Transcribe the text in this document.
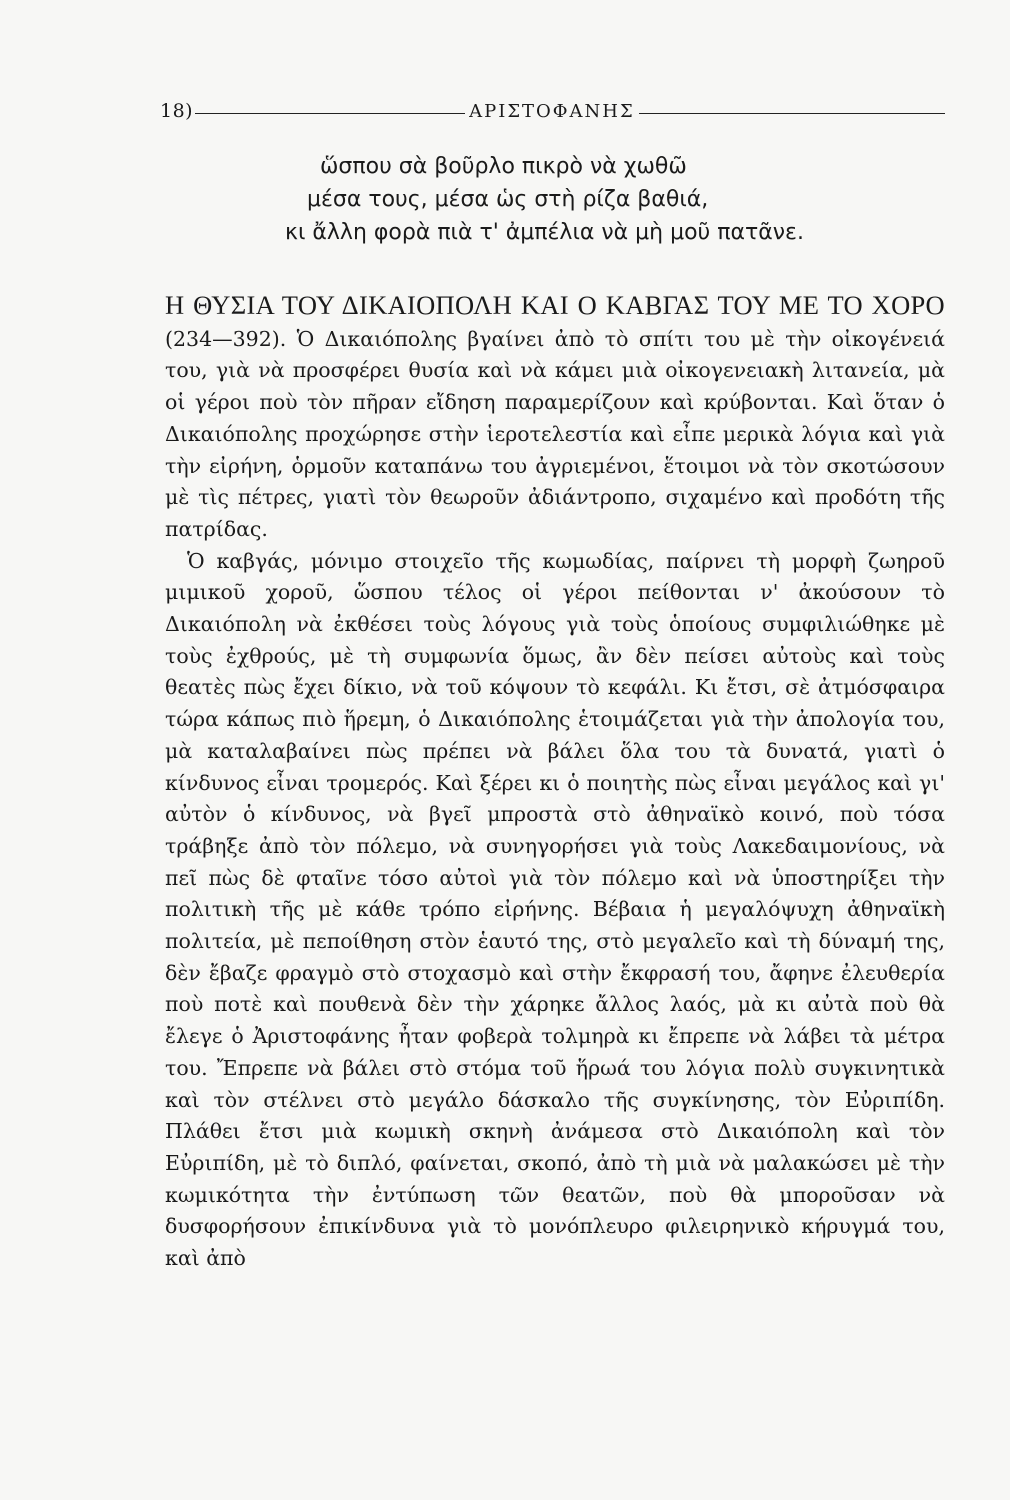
18)	ΑΡΙΣΤΟΦΑΝΗΣ
ὥσπου σὰ βοῦρλο πικρὸ νὰ χωθῶ
μέσα τους, μέσα ὡς στὴ ρίζα βαθιά,
κι ἄλλη φορὰ πιὰ τ' ἀμπέλια νὰ μὴ μοῦ πατᾶνε.

Η ΘΥΣΙΑ ΤΟΥ ΔΙΚΑΙΟΠΟΛΗ ΚΑΙ Ο ΚΑΒΓΑΣ ΤΟΥ ΜΕ ΤΟ ΧΟΡΟ (234—392). Ὁ Δικαιόπολης βγαίνει ἀπὸ τὸ σπίτι του μὲ τὴν οἰκογένειά του, γιὰ νὰ προσφέρει θυσία καὶ νὰ κάμει μιὰ οἰκογενειακὴ λιτανεία, μὰ οἱ γέροι ποὺ τὸν πῆραν εἴδηση παραμερίζουν καὶ κρύβονται. Καὶ ὅταν ὁ Δικαιόπολης προχώρησε στὴν ἱεροτελεστία καὶ εἶπε μερικὰ λόγια καὶ γιὰ τὴν εἰρήνη, ὁρμοῦν καταπάνω του ἀγριεμένοι, ἕτοιμοι νὰ τὸν σκοτώσουν μὲ τὶς πέτρες, γιατὶ τὸν θεωροῦν ἀδιάντροπο, σιχαμένο καὶ προδότη τῆς πατρίδας.

Ὁ καβγάς, μόνιμο στοιχεῖο τῆς κωμωδίας, παίρνει τὴ μορφὴ ζωηροῦ μιμικοῦ χοροῦ, ὥσπου τέλος οἱ γέροι πείθονται ν' ἀκούσουν τὸ Δικαιόπολη νὰ ἐκθέσει τοὺς λόγους γιὰ τοὺς ὁποίους συμφιλιώθηκε μὲ τοὺς ἐχθρούς, μὲ τὴ συμφωνία ὅμως, ἂν δὲν πείσει αὐτοὺς καὶ τοὺς θεατὲς πὼς ἔχει δίκιο, νὰ τοῦ κόψουν τὸ κεφάλι. Κι ἔτσι, σὲ ἀτμόσφαιρα τώρα κάπως πιὸ ἥρεμη, ὁ Δικαιόπολης ἑτοιμάζεται γιὰ τὴν ἀπολογία του, μὰ καταλαβαίνει πὼς πρέπει νὰ βάλει ὅλα του τὰ δυνατά, γιατὶ ὁ κίνδυνος εἶναι τρομερός. Καὶ ξέρει κι ὁ ποιητὴς πὼς εἶναι μεγάλος καὶ γι' αὐτὸν ὁ κίνδυνος, νὰ βγεῖ μπροστὰ στὸ ἀθηναϊκὸ κοινό, ποὺ τόσα τράβηξε ἀπὸ τὸν πόλεμο, νὰ συνηγορήσει γιὰ τοὺς Λακεδαιμονίους, νὰ πεῖ πὼς δὲ φταῖνε τόσο αὐτοὶ γιὰ τὸν πόλεμο καὶ νὰ ὑποστηρίξει τὴν πολιτικὴ τῆς μὲ κάθε τρόπο εἰρήνης. Βέβαια ἡ μεγαλόψυχη ἀθηναϊκὴ πολιτεία, μὲ πεποίθηση στὸν ἑαυτό της, στὸ μεγαλεῖο καὶ τὴ δύναμή της, δὲν ἔβαζε φραγμὸ στὸ στοχασμὸ καὶ στὴν ἔκφρασή του, ἄφηνε ἐλευθερία ποὺ ποτὲ καὶ πουθενὰ δὲν τὴν χάρηκε ἄλλος λαός, μὰ κι αὐτὰ ποὺ θὰ ἔλεγε ὁ Ἀριστοφάνης ἦταν φοβερὰ τολμηρὰ κι ἔπρεπε νὰ λάβει τὰ μέτρα του. Ἔπρεπε νὰ βάλει στὸ στόμα τοῦ ἥρωά του λόγια πολὺ συγκινητικὰ καὶ τὸν στέλνει στὸ μεγάλο δάσκαλο τῆς συγκίνησης, τὸν Εὐριπίδη. Πλάθει ἔτσι μιὰ κωμικὴ σκηνὴ ἀνάμεσα στὸ Δικαιόπολη καὶ τὸν Εὐριπίδη, μὲ τὸ διπλό, φαίνεται, σκοπό, ἀπὸ τὴ μιὰ νὰ μαλακώσει μὲ τὴν κωμικότητα τὴν ἐντύπωση τῶν θεατῶν, ποὺ θὰ μποροῦσαν νὰ δυσφορήσουν ἐπικίνδυνα γιὰ τὸ μονόπλευρο φιλειρηνικὸ κήρυγμά του, καὶ ἀπὸ
